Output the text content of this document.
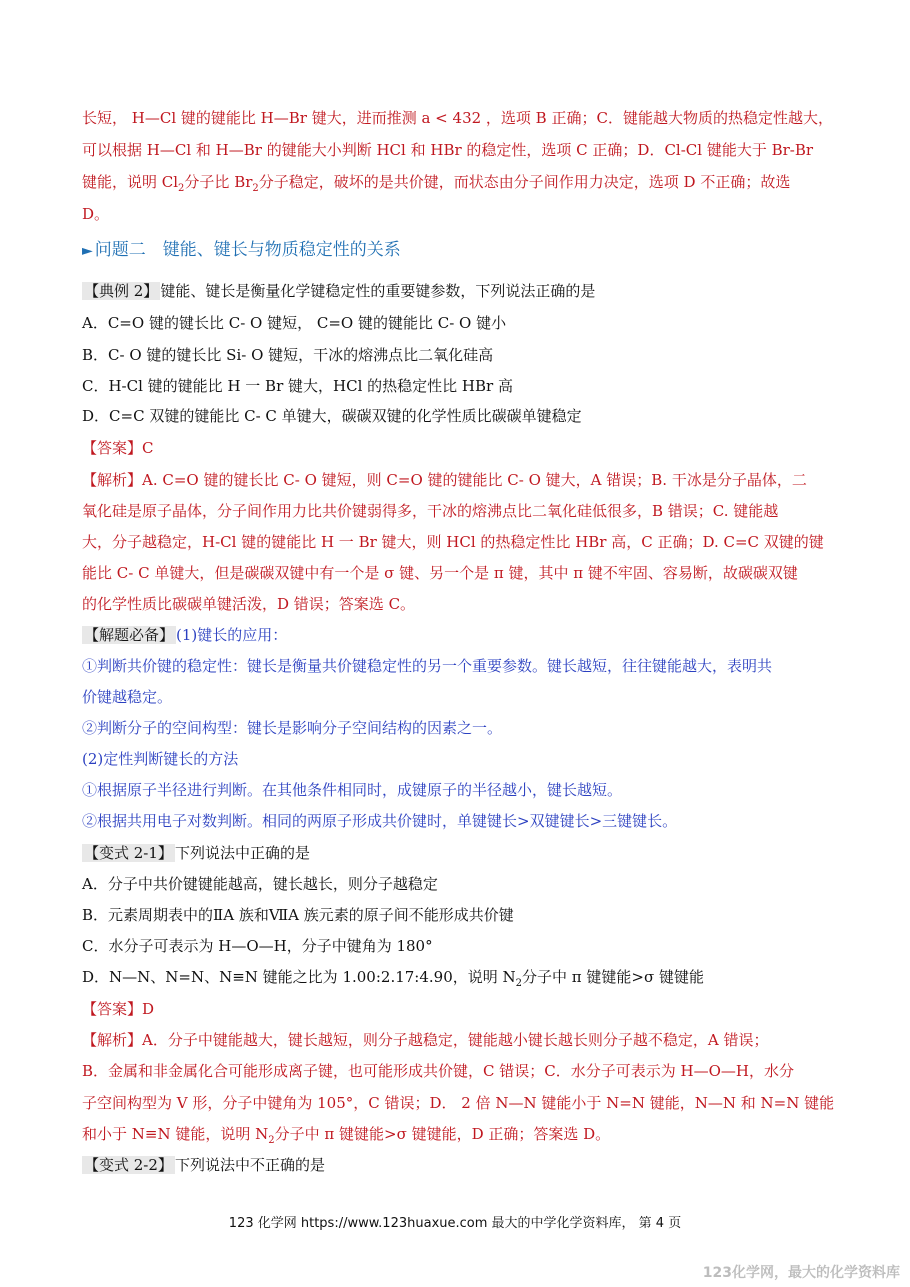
长短， H—Cl 键的键能比 H—Br 键大，进而推测 a < 432 ，选项 B 正确；C．键能越大物质的热稳定性越大，
可以根据 H—Cl 和 H—Br 的键能大小判断 HCl 和 HBr 的稳定性，选项 C 正确；D．Cl-Cl 键能大于 Br-Br
键能，说明 $Cl_2$分子比 $Br_2$分子稳定，破坏的是共价键，而状态由分子间作用力决定，选项 D 不正确；故选
D。
► 问题二　键能、键长与物质稳定性的关系
【典例 2】 键能、键长是衡量化学键稳定性的重要键参数，下列说法正确的是
A．C=O 键的键长比 C- O 键短， C=O 键的键能比 C- O 键小
B．C- O 键的键长比 Si- O 键短，干冰的熔沸点比二氧化硅高
C．H-Cl 键的键能比 H 一 Br 键大，HCl 的热稳定性比 HBr 高
D．C=C 双键的键能比 C- C 单键大，碳碳双键的化学性质比碳碳单键稳定
【答案】C
【解析】A. C=O 键的键长比 C- O 键短，则 C=O 键的键能比 C- O 键大，A 错误；B. 干冰是分子晶体，二
氧化硅是原子晶体，分子间作用力比共价键弱得多，干冰的熔沸点比二氧化硅低很多，B 错误；C. 键能越
大，分子越稳定，H-Cl 键的键能比 H 一 Br 键大，则 HCl 的热稳定性比 HBr 高，C 正确；D. C=C 双键的键
能比 C- C 单键大，但是碳碳双键中有一个是 σ 键、另一个是 π 键，其中 π 键不牢固、容易断，故碳碳双键
的化学性质比碳碳单键活泼，D 错误；答案选 C。
【解题必备】 (1)键长的应用：
①判断共价键的稳定性：键长是衡量共价键稳定性的另一个重要参数。键长越短，往往键能越大，表明共
价键越稳定。
②判断分子的空间构型：键长是影响分子空间结构的因素之一。
(2)定性判断键长的方法
①根据原子半径进行判断。在其他条件相同时，成键原子的半径越小，键长越短。
②根据共用电子对数判断。相同的两原子形成共价键时，单键键长>双键键长>三键键长。
【变式 2-1】 下列说法中正确的是
A．分子中共价键键能越高，键长越长，则分子越稳定
B．元素周期表中的ⅡA 族和ⅦA 族元素的原子间不能形成共价键
C．水分子可表示为 H—O—H，分子中键角为 180°
D．N—N、N=N、N≡N 键能之比为 1.00:2.17:4.90，说明 $N_2$分子中 π 键键能>σ 键键能
【答案】D
【解析】A．分子中键能越大，键长越短，则分子越稳定，键能越小键长越长则分子越不稳定，A 错误；
B．金属和非金属化合可能形成离子键，也可能形成共价键，C 错误；C．水分子可表示为 H—O—H，水分
子空间构型为 V 形，分子中键角为 105°，C 错误；D． 2 倍 N—N 键能小于 N=N 键能，N—N 和 N=N 键能
和小于 N≡N 键能，说明 $N_2$分子中 π 键键能>σ 键键能，D 正确；答案选 D。
【变式 2-2】 下列说法中不正确的是
123 化学网 https://www.123huaxue.com 最大的中学化学资料库， 第 4 页
123化学网，最大的化学资料库
